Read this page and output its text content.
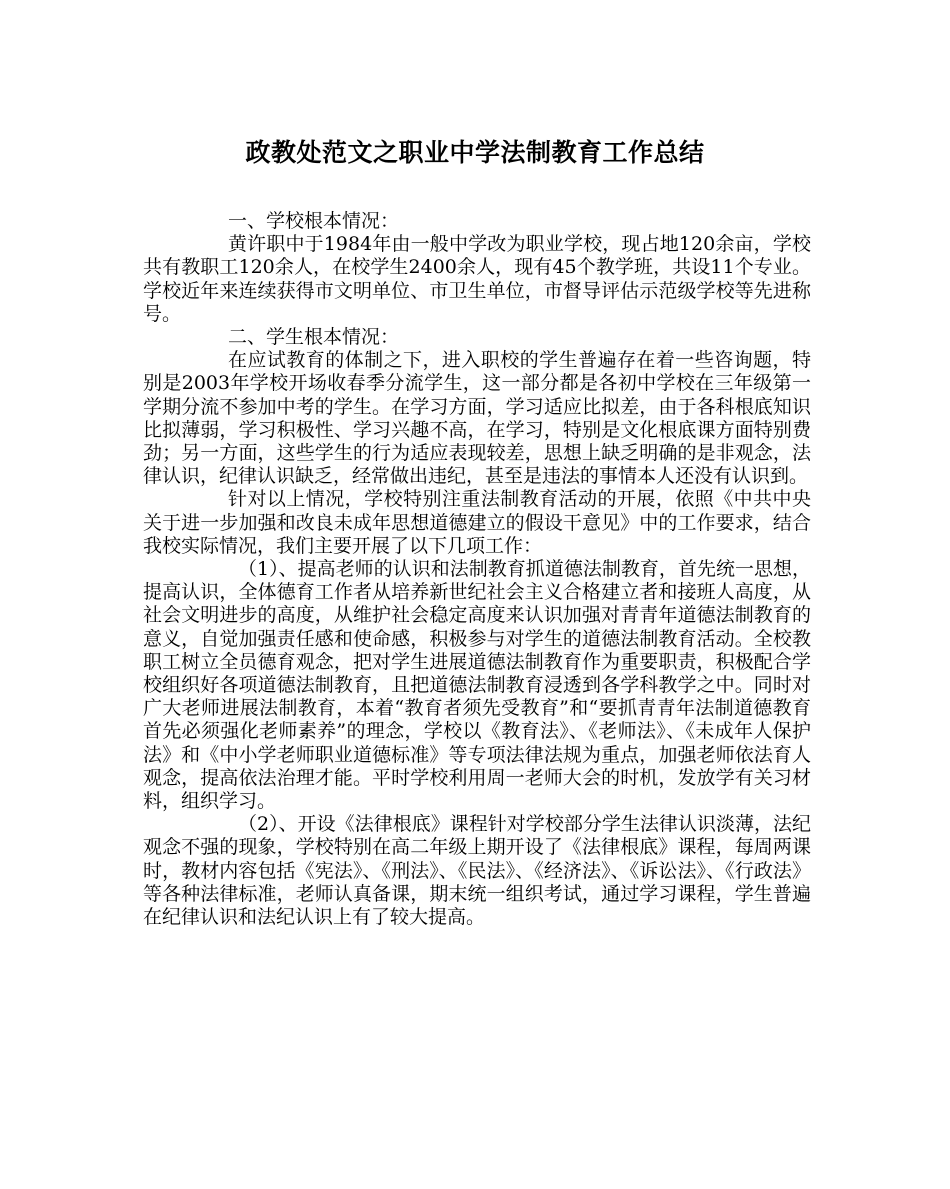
政教处范文之职业中学法制教育工作总结

一、学校根本情况：

黄许职中于1984年由一般中学改为职业学校，现占地120余亩，学校共有教职工120余人，在校学生2400余人，现有45个教学班，共设11个专业。学校近年来连续获得市文明单位、市卫生单位，市督导评估示范级学校等先进称号。

二、学生根本情况：

在应试教育的体制之下，进入职校的学生普遍存在着一些咨询题，特别是2003年学校开场收春季分流学生，这一部分都是各初中学校在三年级第一学期分流不参加中考的学生。在学习方面，学习适应比拟差，由于各科根底知识比拟薄弱，学习积极性、学习兴趣不高，在学习，特别是文化根底课方面特别费劲；另一方面，这些学生的行为适应表现较差，思想上缺乏明确的是非观念，法律认识，纪律认识缺乏，经常做出违纪，甚至是违法的事情本人还没有认识到。

针对以上情况，学校特别注重法制教育活动的开展，依照《中共中央关于进一步加强和改良未成年思想道德建立的假设干意见》中的工作要求，结合我校实际情况，我们主要开展了以下几项工作：

（1）、提高老师的认识和法制教育抓道德法制教育，首先统一思想，提高认识，全体德育工作者从培养新世纪社会主义合格建立者和接班人高度，从社会文明进步的高度，从维护社会稳定高度来认识加强对青青年道德法制教育的意义，自觉加强责任感和使命感，积极参与对学生的道德法制教育活动。全校教职工树立全员德育观念，把对学生进展道德法制教育作为重要职责，积极配合学校组织好各项道德法制教育，且把道德法制教育浸透到各学科教学之中。同时对广大老师进展法制教育，本着“教育者须先受教育”和“要抓青青年法制道德教育首先必须强化老师素养”的理念，学校以《教育法》、《老师法》、《未成年人保护法》和《中小学老师职业道德标准》等专项法律法规为重点，加强老师依法育人观念，提高依法治理才能。平时学校利用周一老师大会的时机，发放学有关习材料，组织学习。

（2）、开设《法律根底》课程针对学校部分学生法律认识淡薄，法纪观念不强的现象，学校特别在高二年级上期开设了《法律根底》课程，每周两课时，教材内容包括《宪法》、《刑法》、《民法》、《经济法》、《诉讼法》、《行政法》等各种法律标准，老师认真备课，期末统一组织考试，通过学习课程，学生普遍在纪律认识和法纪认识上有了较大提高。
